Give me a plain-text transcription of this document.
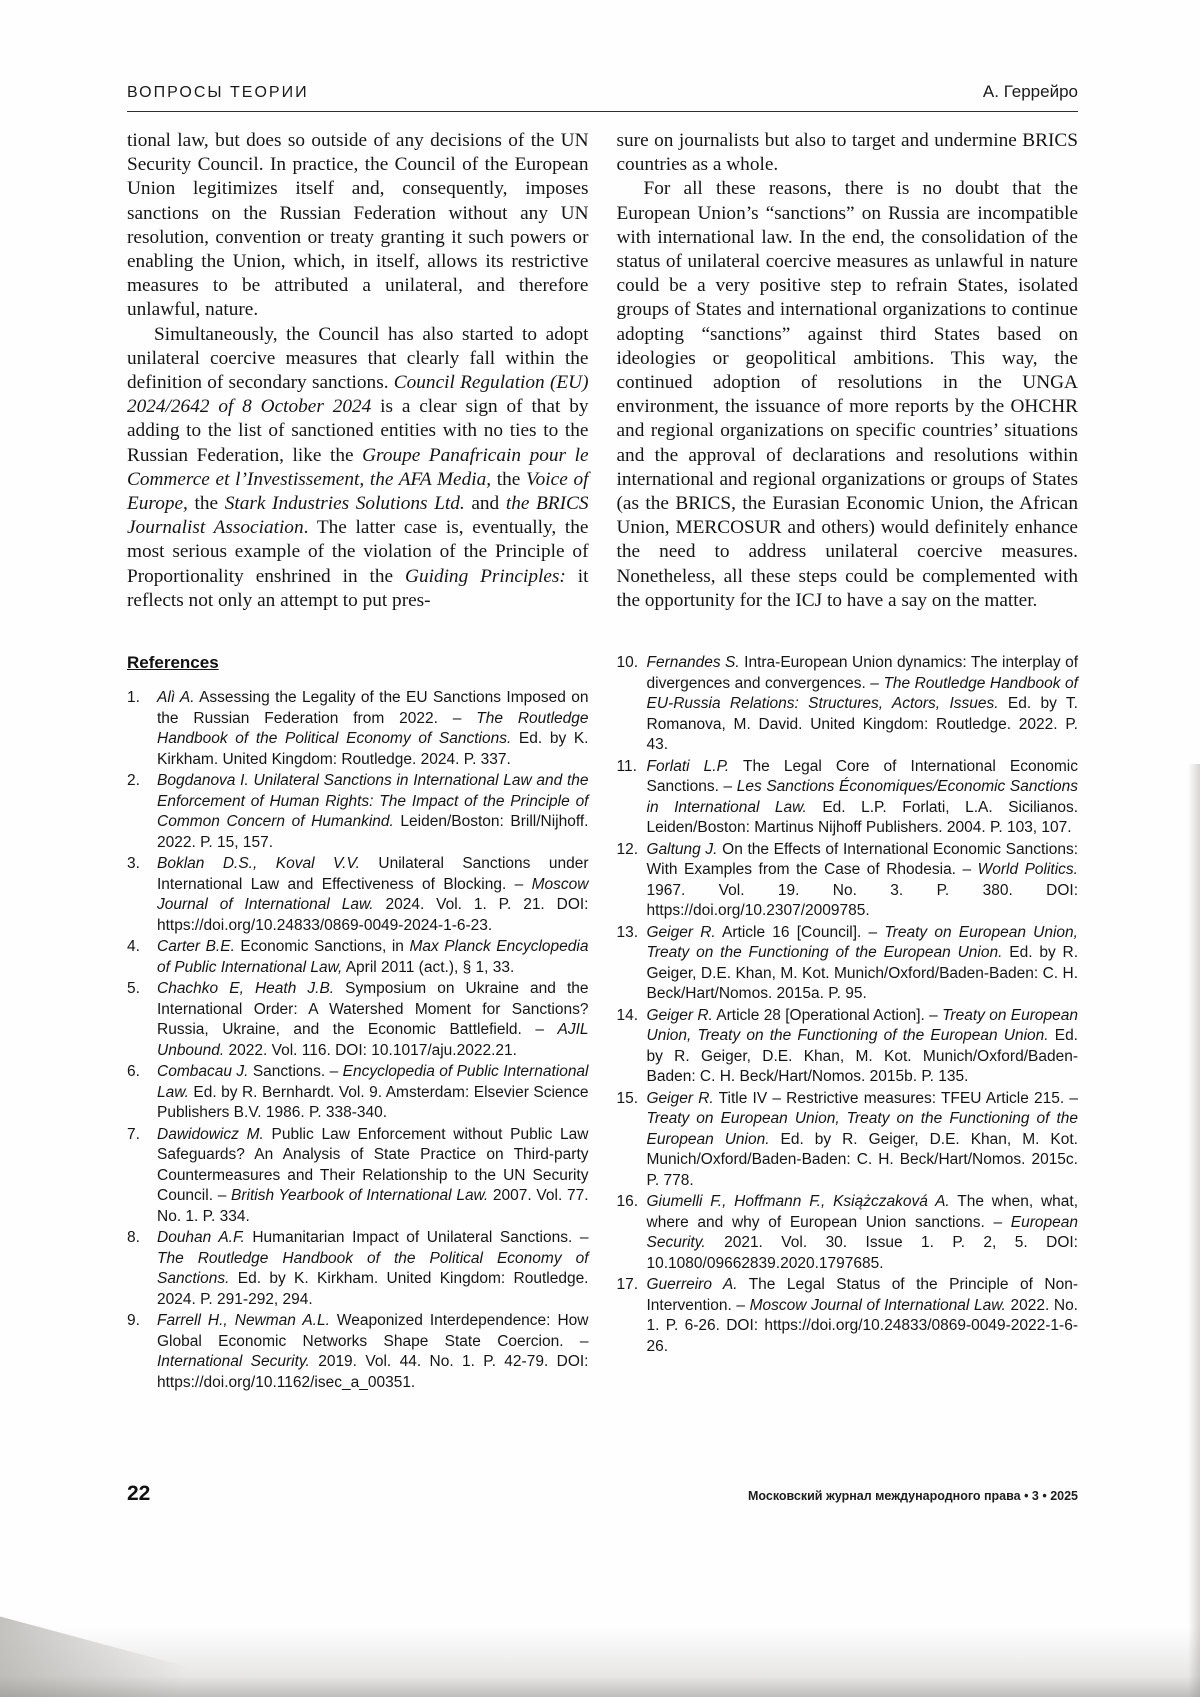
ВОПРОСЫ ТЕОРИИ	А. Геррейро

tional law, but does so outside of any decisions of the UN Security Council. In practice, the Council of the European Union legitimizes itself and, consequently, imposes sanctions on the Russian Federation without any UN resolution, convention or treaty granting it such powers or enabling the Union, which, in itself, allows its restrictive measures to be attributed a unilateral, and therefore unlawful, nature.

Simultaneously, the Council has also started to adopt unilateral coercive measures that clearly fall within the definition of secondary sanctions. Council Regulation (EU) 2024/2642 of 8 October 2024 is a clear sign of that by adding to the list of sanctioned entities with no ties to the Russian Federation, like the Groupe Panafricain pour le Commerce et l’Investissement, the AFA Media, the Voice of Europe, the Stark Industries Solutions Ltd. and the BRICS Journalist Association. The latter case is, eventually, the most serious example of the violation of the Principle of Proportionality enshrined in the Guiding Principles: it reflects not only an attempt to put pres-

sure on journalists but also to target and undermine BRICS countries as a whole.

For all these reasons, there is no doubt that the European Union’s “sanctions” on Russia are incompatible with international law. In the end, the consolidation of the status of unilateral coercive measures as unlawful in nature could be a very positive step to refrain States, isolated groups of States and international organizations to continue adopting “sanctions” against third States based on ideologies or geopolitical ambitions. This way, the continued adoption of resolutions in the UNGA environment, the issuance of more reports by the OHCHR and regional organizations on specific countries’ situations and the approval of declarations and resolutions within international and regional organizations or groups of States (as the BRICS, the Eurasian Economic Union, the African Union, MERCOSUR and others) would definitely enhance the need to address unilateral coercive measures. Nonetheless, all these steps could be complemented with the opportunity for the ICJ to have a say on the matter.

References
1.	Alì A. Assessing the Legality of the EU Sanctions Imposed on the Russian Federation from 2022. – The Routledge Handbook of the Political Economy of Sanctions. Ed. by K. Kirkham. United Kingdom: Routledge. 2024. P. 337.
2.	Bogdanova I. Unilateral Sanctions in International Law and the Enforcement of Human Rights: The Impact of the Principle of Common Concern of Humankind. Leiden/Boston: Brill/Nijhoff. 2022. P. 15, 157.
3.	Boklan D.S., Koval V.V. Unilateral Sanctions under International Law and Effectiveness of Blocking. – Moscow Journal of International Law. 2024. Vol. 1. P. 21. DOI: https://doi.org/10.24833/0869-0049-2024-1-6-23.
4.	Carter B.E. Economic Sanctions, in Max Planck Encyclopedia of Public International Law, April 2011 (act.), § 1, 33.
5.	Chachko E, Heath J.B. Symposium on Ukraine and the International Order: A Watershed Moment for Sanctions? Russia, Ukraine, and the Economic Battlefield. – AJIL Unbound. 2022. Vol. 116. DOI: 10.1017/aju.2022.21.
6.	Combacau J. Sanctions. – Encyclopedia of Public International Law. Ed. by R. Bernhardt. Vol. 9. Amsterdam: Elsevier Science Publishers B.V. 1986. P. 338-340.
7.	Dawidowicz M. Public Law Enforcement without Public Law Safeguards? An Analysis of State Practice on Third-party Countermeasures and Their Relationship to the UN Security Council. – British Yearbook of International Law. 2007. Vol. 77. No. 1. P. 334.
8.	Douhan A.F. Humanitarian Impact of Unilateral Sanctions. – The Routledge Handbook of the Political Economy of Sanctions. Ed. by K. Kirkham. United Kingdom: Routledge. 2024. P. 291-292, 294.
9.	Farrell H., Newman A.L. Weaponized Interdependence: How Global Economic Networks Shape State Coercion. – International Security. 2019. Vol. 44. No. 1. P. 42-79. DOI: https://doi.org/10.1162/isec_a_00351.
10. Fernandes S. Intra-European Union dynamics: The interplay of divergences and convergences. – The Routledge Handbook of EU-Russia Relations: Structures, Actors, Issues. Ed. by T. Romanova, M. David. United Kingdom: Routledge. 2022. P. 43.
11. Forlati L.P. The Legal Core of International Economic Sanctions. – Les Sanctions Économiques/Economic Sanctions in International Law. Ed. L.P. Forlati, L.A. Sicilianos. Leiden/Boston: Martinus Nijhoff Publishers. 2004. P. 103, 107.
12. Galtung J. On the Effects of International Economic Sanctions: With Examples from the Case of Rhodesia. – World Politics. 1967. Vol. 19. No. 3. P. 380. DOI: https://doi.org/10.2307/2009785.
13. Geiger R. Article 16 [Council]. – Treaty on European Union, Treaty on the Functioning of the European Union. Ed. by R. Geiger, D.E. Khan, M. Kot. Munich/Oxford/Baden-Baden: C. H. Beck/Hart/Nomos. 2015a. P. 95.
14. Geiger R. Article 28 [Operational Action]. – Treaty on European Union, Treaty on the Functioning of the European Union. Ed. by R. Geiger, D.E. Khan, M. Kot. Munich/Oxford/Baden-Baden: C. H. Beck/Hart/Nomos. 2015b. P. 135.
15. Geiger R. Title IV – Restrictive measures: TFEU Article 215. – Treaty on European Union, Treaty on the Functioning of the European Union. Ed. by R. Geiger, D.E. Khan, M. Kot. Munich/Oxford/Baden-Baden: C. H. Beck/Hart/Nomos. 2015c. P. 778.
16. Giumelli F., Hoffmann F., Książczaková A. The when, what, where and why of European Union sanctions. – European Security. 2021. Vol. 30. Issue 1. P. 2, 5. DOI: 10.1080/09662839.2020.1797685.
17. Guerreiro A. The Legal Status of the Principle of Non-Intervention. – Moscow Journal of International Law. 2022. No. 1. P. 6-26. DOI: https://doi.org/10.24833/0869-0049-2022-1-6-26.
22	Московский журнал международного права • 3 • 2025
